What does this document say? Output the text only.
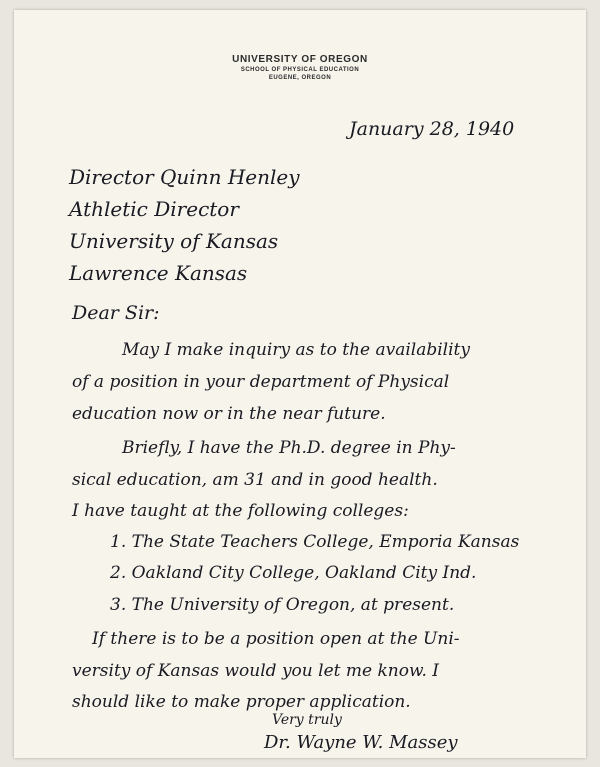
UNIVERSITY OF OREGON
SCHOOL OF PHYSICAL EDUCATION
EUGENE, OREGON
January 28, 1940
Director Quinn Henley
Athletic Director
University of Kansas
Lawrence Kansas
Dear Sir:
May I make inquiry as to the availability
of a position in your department of Physical
education now or in the near future.
Briefly, I have the Ph.D. degree in Phy-
sical education, am 31 and in good health.
I have taught at the following colleges:
1. The State Teachers College, Emporia Kansas
2. Oakland City College, Oakland City Ind.
3. The University of Oregon, at present.
If there is to be a position open at the Uni-
versity of Kansas would you let me know. I
should like to make proper application.
Very truly
Dr. Wayne W. Massey
